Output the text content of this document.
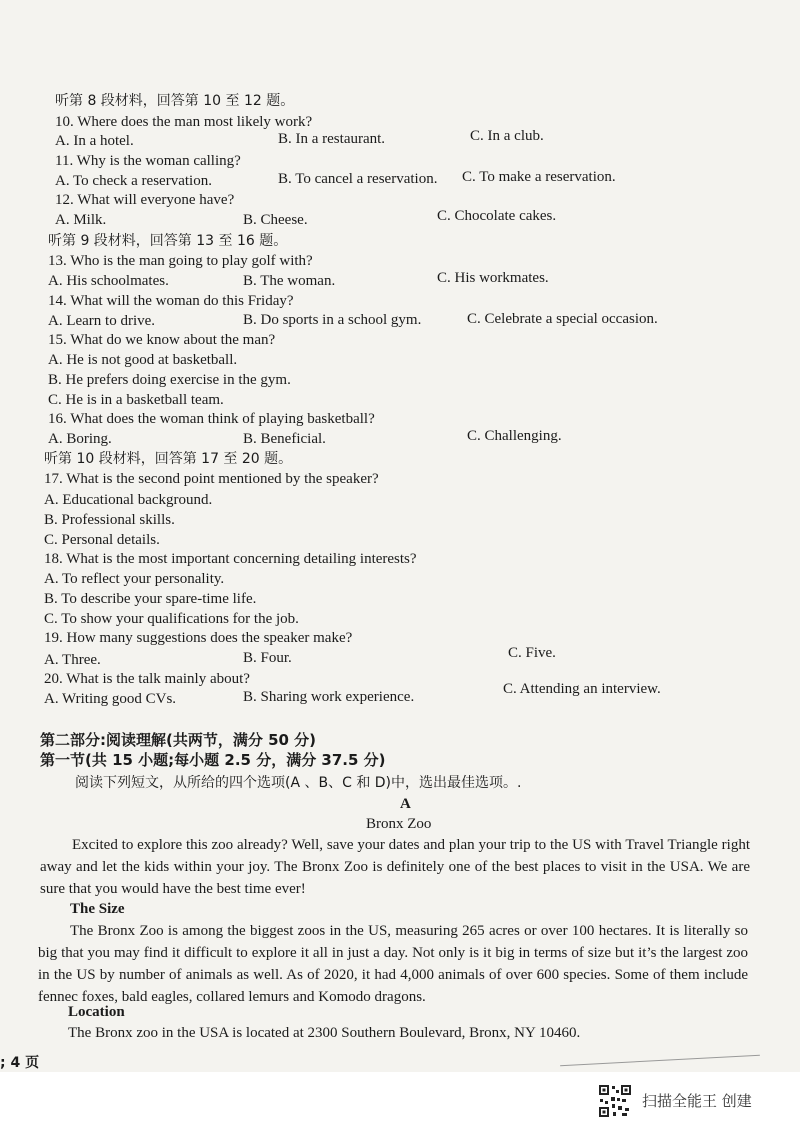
听第 8 段材料，回答第 10 至 12 题。
10. Where does the man most likely work?
A. In a hotel.	B. In a restaurant.	C. In a club.
11. Why is the woman calling?
A. To check a reservation.	B. To cancel a reservation. C. To make a reservation.
12. What will everyone have?
A. Milk.	B. Cheese.	C. Chocolate cakes.
听第 9 段材料，回答第 13 至 16 题。
13. Who is the man going to play golf with?
A. His schoolmates.	B. The woman.	C. His workmates.
14. What will the woman do this Friday?
A. Learn to drive.	B. Do sports in a school gym.	C. Celebrate a special occasion.
15. What do we know about the man?
A. He is not good at basketball.
B. He prefers doing exercise in the gym.
C. He is in a basketball team.
16. What does the woman think of playing basketball?
A. Boring.	B. Beneficial.	C. Challenging.
听第 10 段材料，回答第 17 至 20 题。
17. What is the second point mentioned by the speaker?
A. Educational background.
B. Professional skills.
C. Personal details.
18. What is the most important concerning detailing interests?
A. To reflect your personality.
B. To describe your spare-time life.
C. To show your qualifications for the job.
19. How many suggestions does the speaker make?
A. Three.	B. Four.	C. Five.
20. What is the talk mainly about?
A. Writing good CVs.	B. Sharing work experience.	C. Attending an interview.
第二部分:阅读理解(共两节，满分 50 分)
第一节(共 15 小题;每小题 2.5 分，满分 37.5 分)
阅读下列短文，从所给的四个选项(A 、B、C 和 D)中，选出最佳选项。.
A
Bronx Zoo
Excited to explore this zoo already? Well, save your dates and plan your trip to the US with Travel Triangle right away and let the kids within your joy. The Bronx Zoo is definitely one of the best places to visit in the USA. We are sure that you would have the best time ever!
The Size
The Bronx Zoo is among the biggest zoos in the US, measuring 265 acres or over 100 hectares. It is literally so big that you may find it difficult to explore it all in just a day. Not only is it big in terms of size but it’s the largest zoo in the US by number of animals as well. As of 2020, it had 4,000 animals of over 600 species. Some of them include fennec foxes, bald eagles, collared lemurs and Komodo dragons.
Location
The Bronx zoo in the USA is located at 2300 Southern Boulevard, Bronx, NY 10460.
; 4 页
扫描全能王 创建
